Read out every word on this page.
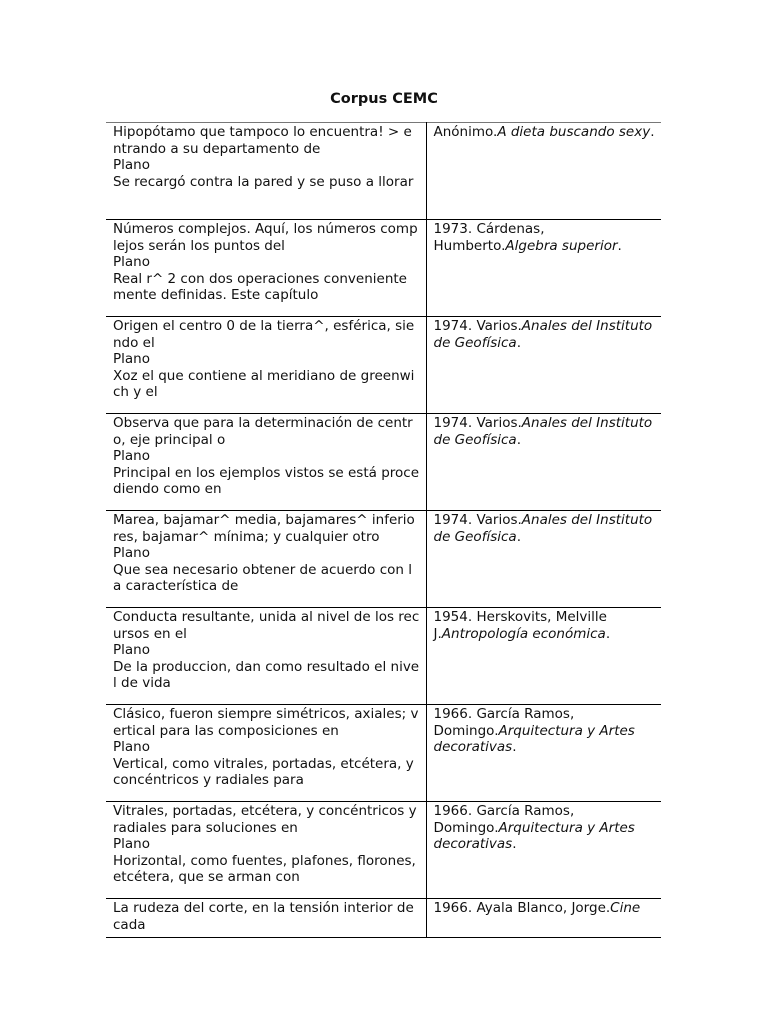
Corpus CEMC
Hipopótamo que tampoco lo encuentra! > entrando a su departamento de
Plano
Se recargó contra la pared y se puso a llorar	Anónimo.A dieta buscando sexy.

Números complejos. Aquí, los números complejos serán los puntos del
Plano
Real r^ 2 con dos operaciones convenientemente definidas. Este capítulo	1973. Cárdenas, Humberto.Algebra superior.

Origen el centro 0 de la tierra^, esférica, siendo el
Plano
Xoz el que contiene al meridiano de greenwich y el	1974. Varios.Anales del Instituto de Geofísica.

Observa que para la determinación de centro, eje principal o
Plano
Principal en los ejemplos vistos se está procediendo como en	1974. Varios.Anales del Instituto de Geofísica.

Marea, bajamar^ media, bajamares^ inferiores, bajamar^ mínima; y cualquier otro
Plano
Que sea necesario obtener de acuerdo con la característica de	1974. Varios.Anales del Instituto de Geofísica.

Conducta resultante, unida al nivel de los recursos en el
Plano
De la produccion, dan como resultado el nivel de vida	1954. Herskovits, Melville J.Antropología económica.

Clásico, fueron siempre simétricos, axiales; vertical para las composiciones en
Plano
Vertical, como vitrales, portadas, etcétera, y concéntricos y radiales para	1966. García Ramos, Domingo.Arquitectura y Artes decorativas.

Vitrales, portadas, etcétera, y concéntricos y radiales para soluciones en
Plano
Horizontal, como fuentes, plafones, florones, etcétera, que se arman con	1966. García Ramos, Domingo.Arquitectura y Artes decorativas.

La rudeza del corte, en la tensión interior de cada	1966. Ayala Blanco, Jorge.Cine
